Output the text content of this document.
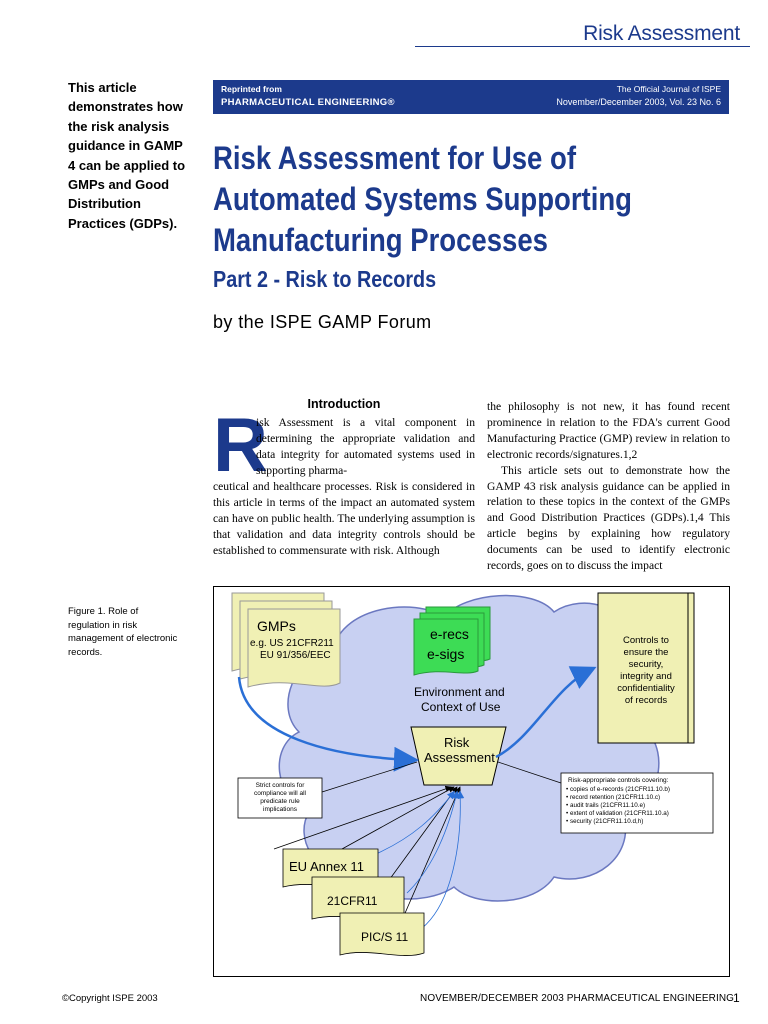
Risk Assessment
This article demonstrates how the risk analysis guidance in GAMP 4 can be applied to GMPs and Good Distribution Practices (GDPs).
Reprinted from
PHARMACEUTICAL ENGINEERING®
The Official Journal of ISPE
November/December 2003, Vol. 23 No. 6
Risk Assessment for Use of
Automated Systems Supporting
Manufacturing Processes
Part 2 - Risk to Records
by the ISPE GAMP Forum
Introduction
R
isk Assessment is a vital component in determining the appropriate validation and data integrity for automated systems used in supporting pharma-
ceutical and healthcare processes. Risk is considered in this article in terms of the impact an automated system can have on public health. The underlying assumption is that validation and data integrity controls should be established to commensurate with risk. Although

the philosophy is not new, it has found recent prominence in relation to the FDA's current Good Manufacturing Practice (GMP) review in relation to electronic records/signatures.1,2

This article sets out to demonstrate how the GAMP 43 risk analysis guidance can be applied in relation to these topics in the context of the GMPs and Good Distribution Practices (GDPs).1,4 This article begins by explaining how regulatory documents can be used to identify electronic records, goes on to discuss the impact

Figure 1. Role of regulation in risk management of electronic records.
GMPs
e.g. US 21CFR211
EU 91/356/EEC
e-recs
e-sigs
Environment and
Context of Use
Risk
Assessment
Controls to
ensure the
security,
integrity and
confidentiality
of records
Strict controls for
compliance will all
predicate rule
implications
Risk-appropriate controls covering:
• copies of e-records (21CFR11.10.b)
• record retention (21CFR11.10.c)
• audit trails (21CFR11.10.e)
• extent of validation (21CFR11.10.a)
• security (21CFR11.10.d,h)
EU Annex 11
21CFR11
PIC/S 11
©Copyright ISPE 2003	NOVEMBER/DECEMBER 2003 PHARMACEUTICAL ENGINEERING
1
